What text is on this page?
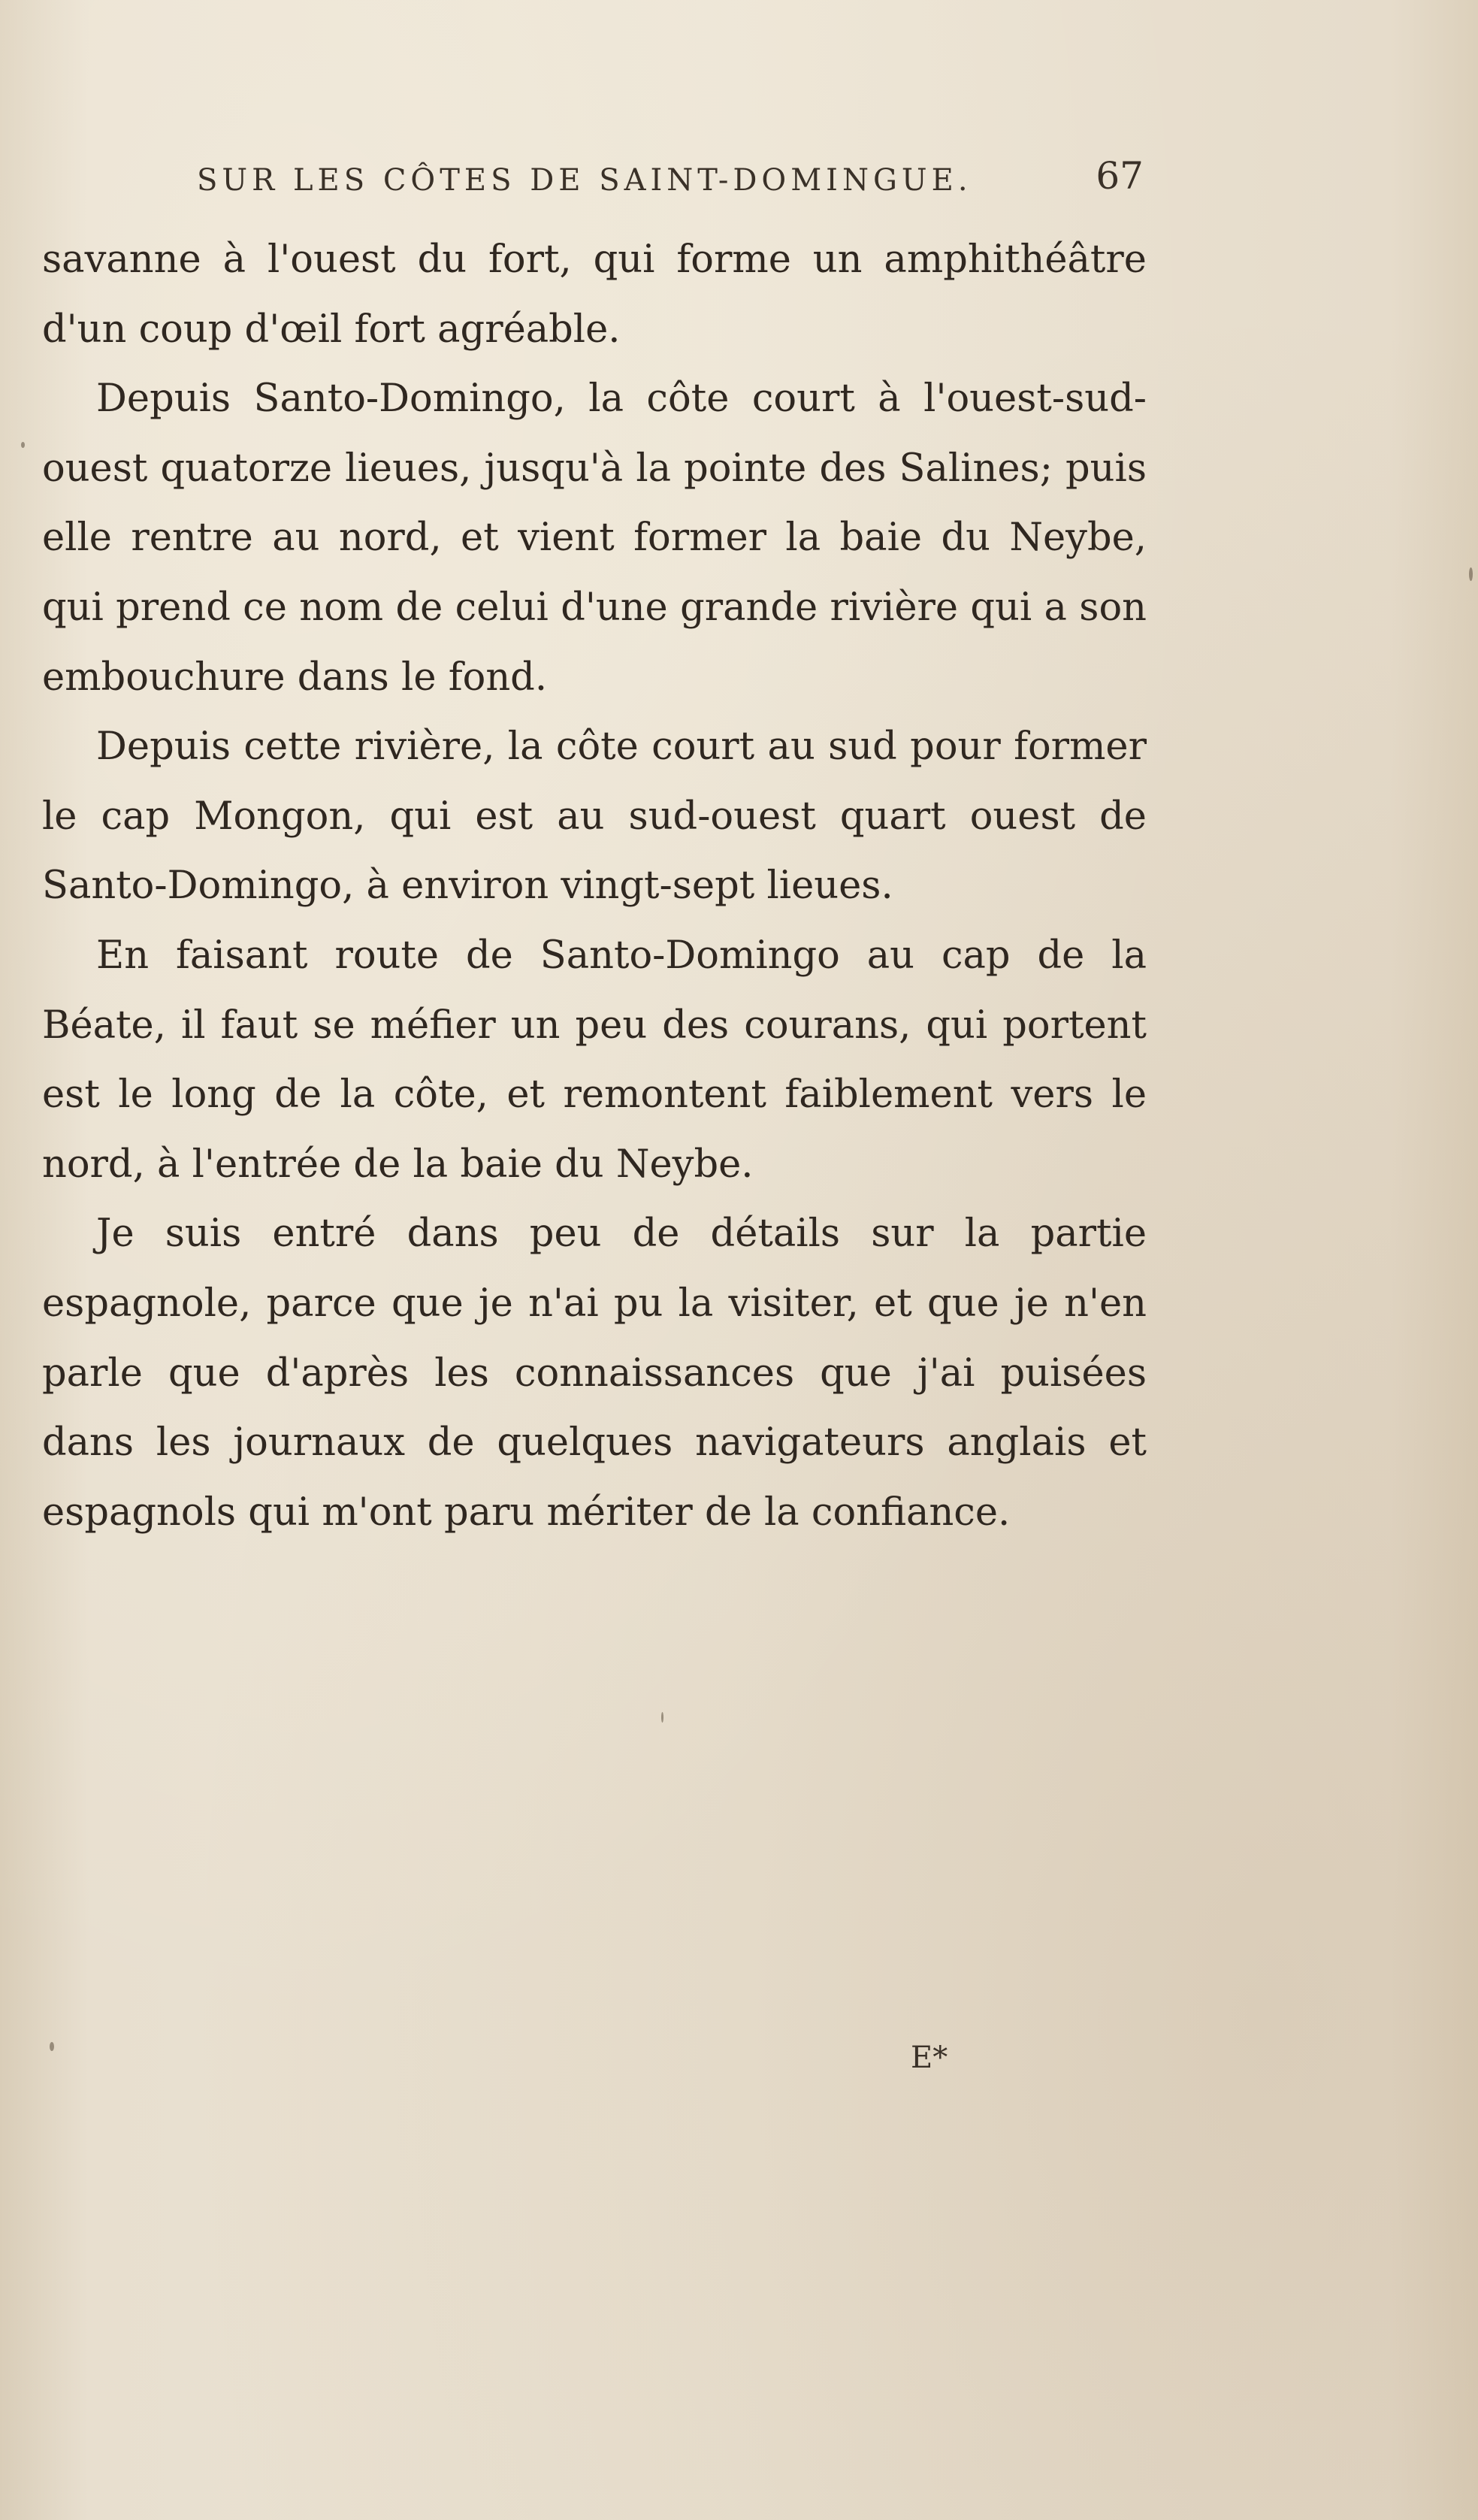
SUR LES CÔTES DE SAINT-DOMINGUE.	67

savanne à l'ouest du fort, qui forme un amphithéâtre d'un coup d'œil fort agréable.

Depuis Santo-Domingo, la côte court à l'ouest-sud-ouest quatorze lieues, jusqu'à la pointe des Salines; puis elle rentre au nord, et vient former la baie du Neybe, qui prend ce nom de celui d'une grande rivière qui a son embouchure dans le fond.

Depuis cette rivière, la côte court au sud pour former le cap Mongon, qui est au sud-ouest quart ouest de Santo-Domingo, à environ vingt-sept lieues.

En faisant route de Santo-Domingo au cap de la Béate, il faut se méfier un peu des courans, qui portent est le long de la côte, et remontent faiblement vers le nord, à l'entrée de la baie du Neybe.

Je suis entré dans peu de détails sur la partie espagnole, parce que je n'ai pu la visiter, et que je n'en parle que d'après les connaissances que j'ai puisées dans les journaux de quelques navigateurs anglais et espagnols qui m'ont paru mériter de la confiance.

E*
